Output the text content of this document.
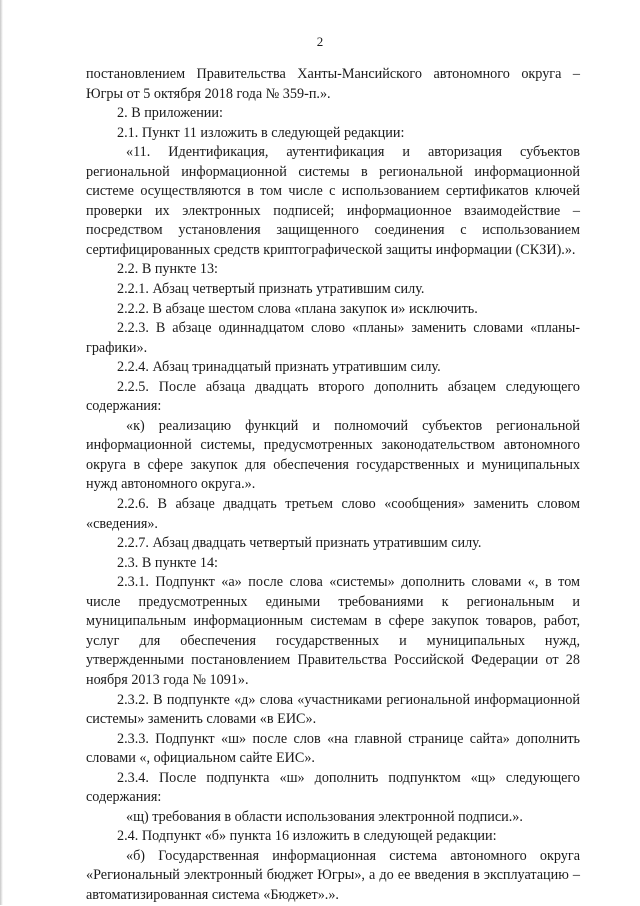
2

постановлением Правительства Ханты-Мансийского автономного округа – Югры от 5 октября 2018 года № 359-п.».

2. В приложении:

2.1. Пункт 11 изложить в следующей редакции:

«11. Идентификация, аутентификация и авторизация субъектов региональной информационной системы в региональной информационной системе осуществляются в том числе с использованием сертификатов ключей проверки их электронных подписей; информационное взаимодействие – посредством установления защищенного соединения с использованием сертифицированных средств криптографической защиты информации (СКЗИ).».

2.2. В пункте 13:

2.2.1. Абзац четвертый признать утратившим силу.

2.2.2. В абзаце шестом слова «плана закупок и» исключить.

2.2.3. В абзаце одиннадцатом слово «планы» заменить словами «планы-графики».

2.2.4. Абзац тринадцатый признать утратившим силу.

2.2.5. После абзаца двадцать второго дополнить абзацем следующего содержания:

«к) реализацию функций и полномочий субъектов региональной информационной системы, предусмотренных законодательством автономного округа в сфере закупок для обеспечения государственных и муниципальных нужд автономного округа.».

2.2.6. В абзаце двадцать третьем слово «сообщения» заменить словом «сведения».

2.2.7. Абзац двадцать четвертый признать утратившим силу.

2.3. В пункте 14:

2.3.1. Подпункт «а» после слова «системы» дополнить словами «, в том числе предусмотренных едиными требованиями к региональным и муниципальным информационным системам в сфере закупок товаров, работ, услуг для обеспечения государственных и муниципальных нужд, утвержденными постановлением Правительства Российской Федерации от 28 ноября 2013 года № 1091».

2.3.2. В подпункте «д» слова «участниками региональной информационной системы» заменить словами «в ЕИС».

2.3.3. Подпункт «ш» после слов «на главной странице сайта» дополнить словами «, официальном сайте ЕИС».

2.3.4. После подпункта «ш» дополнить подпунктом «щ» следующего содержания:

«щ) требования в области использования электронной подписи.».

2.4. Подпункт «б» пункта 16 изложить в следующей редакции:

«б) Государственная информационная система автономного округа «Региональный электронный бюджет Югры», а до ее введения в эксплуатацию – автоматизированная система «Бюджет».».
